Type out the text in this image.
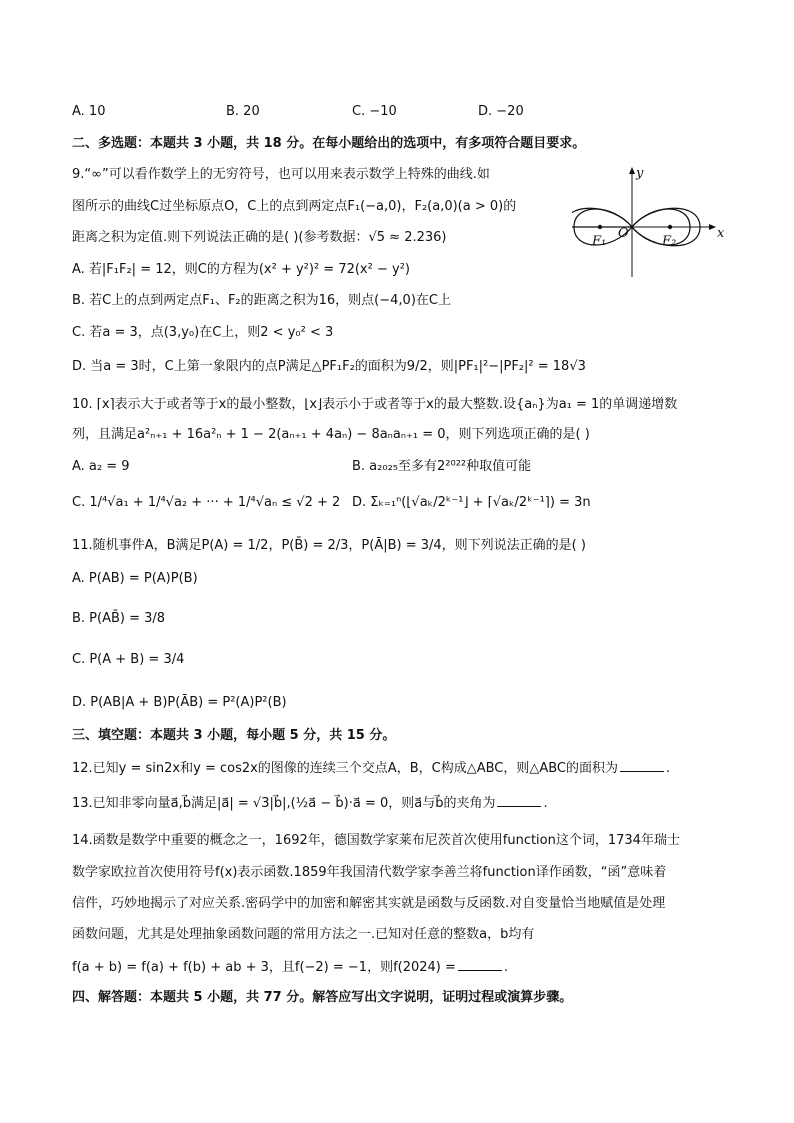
A. 10	B. 20	C. −10	D. −20
二、多选题：本题共 3 小题，共 18 分。在每小题给出的选项中，有多项符合题目要求。
9.“∞”可以看作数学上的无穷符号，也可以用来表示数学上特殊的曲线.如
图所示的曲线C过坐标原点O，C上的点到两定点F₁(−a,0)，F₂(a,0)(a > 0)的
距离之积为定值.则下列说法正确的是( )(参考数据：√5 ≈ 2.236)
A. 若|F₁F₂| = 12，则C的方程为(x² + y²)² = 72(x² − y²)
B. 若C上的点到两定点F₁、F₂的距离之积为16，则点(−4,0)在C上
C. 若a = 3，点(3,y₀)在C上，则2 < y₀² < 3
D. 当a = 3时，C上第一象限内的点P满足△PF₁F₂的面积为9/2，则|PF₁|²−|PF₂|² = 18√3
y
x
O
F₁	F₂
10. ⌈x⌉表示大于或者等于x的最小整数，⌊x⌋表示小于或者等于x的最大整数.设{aₙ}为a₁ = 1的单调递增数
列，且满足a²ₙ₊₁ + 16a²ₙ + 1 − 2(aₙ₊₁ + 4aₙ) − 8aₙaₙ₊₁ = 0，则下列选项正确的是( )
A. a₂ = 9	B. a₂₀₂₅至多有2²⁰²²种取值可能
C. 1/⁴√a₁ + 1/⁴√a₂ + ··· + 1/⁴√aₙ ≤ √2 + 2 D. Σₖ₌₁ⁿ(⌊√aₖ/2ᵏ⁻¹⌋ + ⌈√aₖ/2ᵏ⁻¹⌉) = 3n
11.随机事件A，B满足P(A) = 1/2，P(B̄) = 2/3，P(Ā|B) = 3/4，则下列说法正确的是( )
A. P(AB) = P(A)P(B)
B. P(AB̄) = 3/8
C. P(A + B) = 3/4
D. P(AB|A + B)P(ĀB) = P²(A)P²(B)
三、填空题：本题共 3 小题，每小题 5 分，共 15 分。
12.已知y = sin2x和y = cos2x的图像的连续三个交点A，B，C构成△ABC，则△ABC的面积为	.
13.已知非零向量a⃗,b⃗满足|a⃗| = √3|b⃗|,(½a⃗ − b⃗)·a⃗ = 0，则a⃗与b⃗的夹角为	.
14.函数是数学中重要的概念之一，1692年，德国数学家莱布尼茨首次使用function这个词，1734年瑞士
数学家欧拉首次使用符号f(x)表示函数.1859年我国清代数学家李善兰将function译作函数，“函”意味着
信件，巧妙地揭示了对应关系.密码学中的加密和解密其实就是函数与反函数.对自变量恰当地赋值是处理
函数问题，尤其是处理抽象函数问题的常用方法之一.已知对任意的整数a，b均有
f(a + b) = f(a) + f(b) + ab + 3，且f(−2) = −1，则f(2024) =	.
四、解答题：本题共 5 小题，共 77 分。解答应写出文字说明，证明过程或演算步骤。
